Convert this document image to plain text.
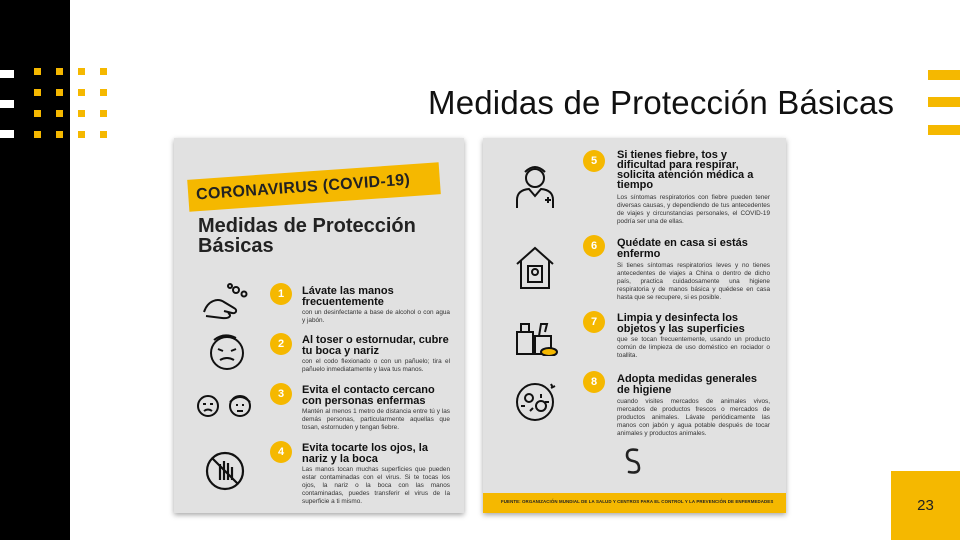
Medidas de Protección Básicas
23
CORONAVIRUS (COVID-19)
Medidas de Protección Básicas
1	Lávate las manos frecuentemente
con un desinfectante a base de alcohol o con agua y jabón.
2	Al toser o estornudar, cubre tu boca y nariz
con el codo flexionado o con un pañuelo; tira el pañuelo inmediatamente y lava tus manos.
3	Evita el contacto cercano con personas enfermas
Mantén al menos 1 metro de distancia entre tú y las demás personas, particularmente aquellas que tosan, estornuden y tengan fiebre.
4	Evita tocarte los ojos, la nariz y la boca
Las manos tocan muchas superficies que pueden estar contaminadas con el virus. Si te tocas los ojos, la nariz o la boca con las manos contaminadas, puedes transferir el virus de la superficie a ti mismo.
5	Si tienes fiebre, tos y dificultad para respirar, solicita atención médica a tiempo
Los síntomas respiratorios con fiebre pueden tener diversas causas, y dependiendo de tus antecedentes de viajes y circunstancias personales, el COVID-19 podría ser una de ellas.
6	Quédate en casa si estás enfermo
Si tienes síntomas respiratorios leves y no tienes antecedentes de viajes a China o dentro de dicho país, practica cuidadosamente una higiene respiratoria y de manos básica y quédese en casa hasta que se recupere, si es posible.
7	Limpia y desinfecta los objetos y las superficies
que se tocan frecuentemente, usando un producto común de limpieza de uso doméstico en rociador o toallita.
8	Adopta medidas generales de higiene
cuando visites mercados de animales vivos, mercados de productos frescos o mercados de productos animales. Lávate periódicamente las manos con jabón y agua potable después de tocar animales y productos animales.
FUENTE: ORGANIZACIÓN MUNDIAL DE LA SALUD Y CENTROS PARA EL CONTROL Y LA PREVENCIÓN DE ENFERMEDADES
